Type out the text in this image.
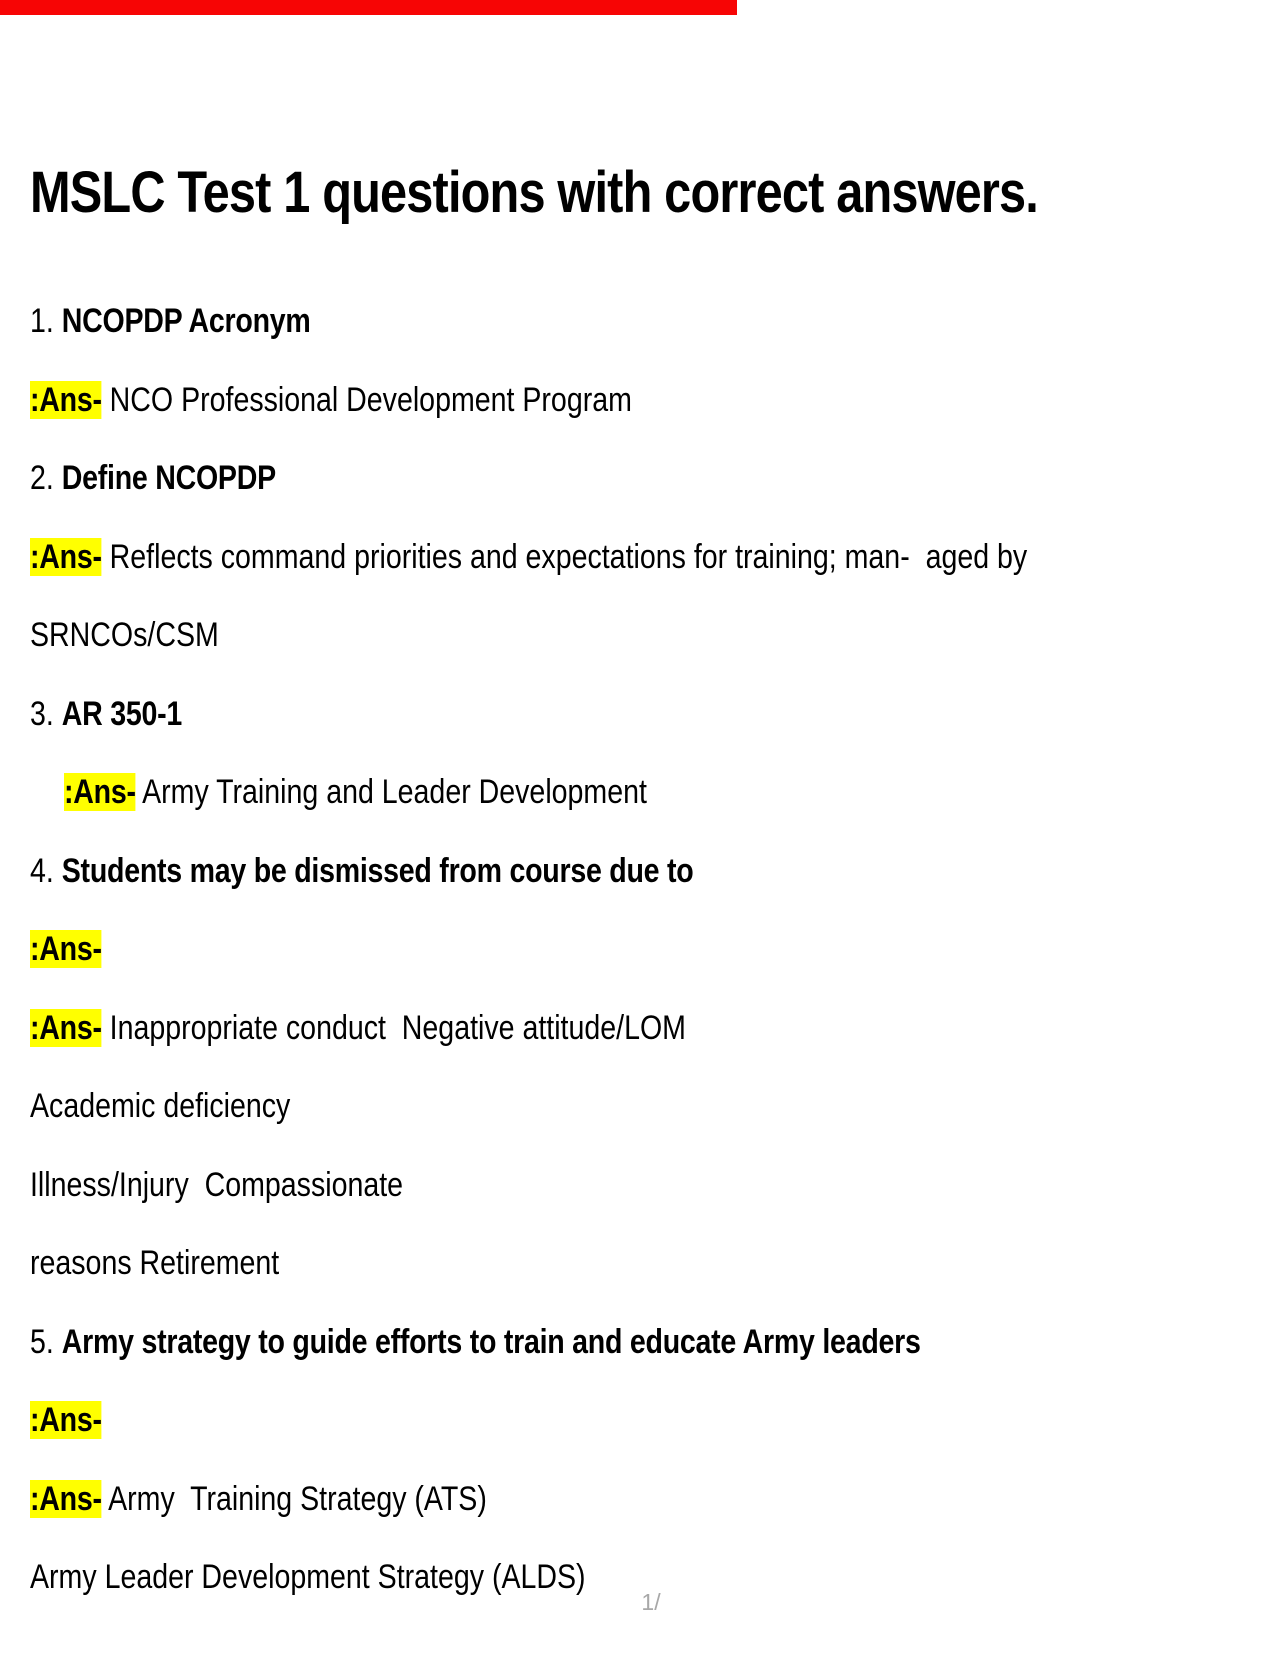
MSLC Test 1 questions with correct answers.
1. NCOPDP Acronym
:Ans- NCO Professional Development Program
2. Define NCOPDP
:Ans- Reflects command priorities and expectations for training; man-  aged by
SRNCOs/CSM
3. AR 350-1
:Ans- Army Training and Leader Development
4. Students may be dismissed from course due to
:Ans-
:Ans- Inappropriate conduct  Negative attitude/LOM
Academic deficiency
Illness/Injury  Compassionate
reasons Retirement
5. Army strategy to guide efforts to train and educate Army leaders
:Ans-
:Ans- Army  Training Strategy (ATS)
Army Leader Development Strategy (ALDS)
1/
